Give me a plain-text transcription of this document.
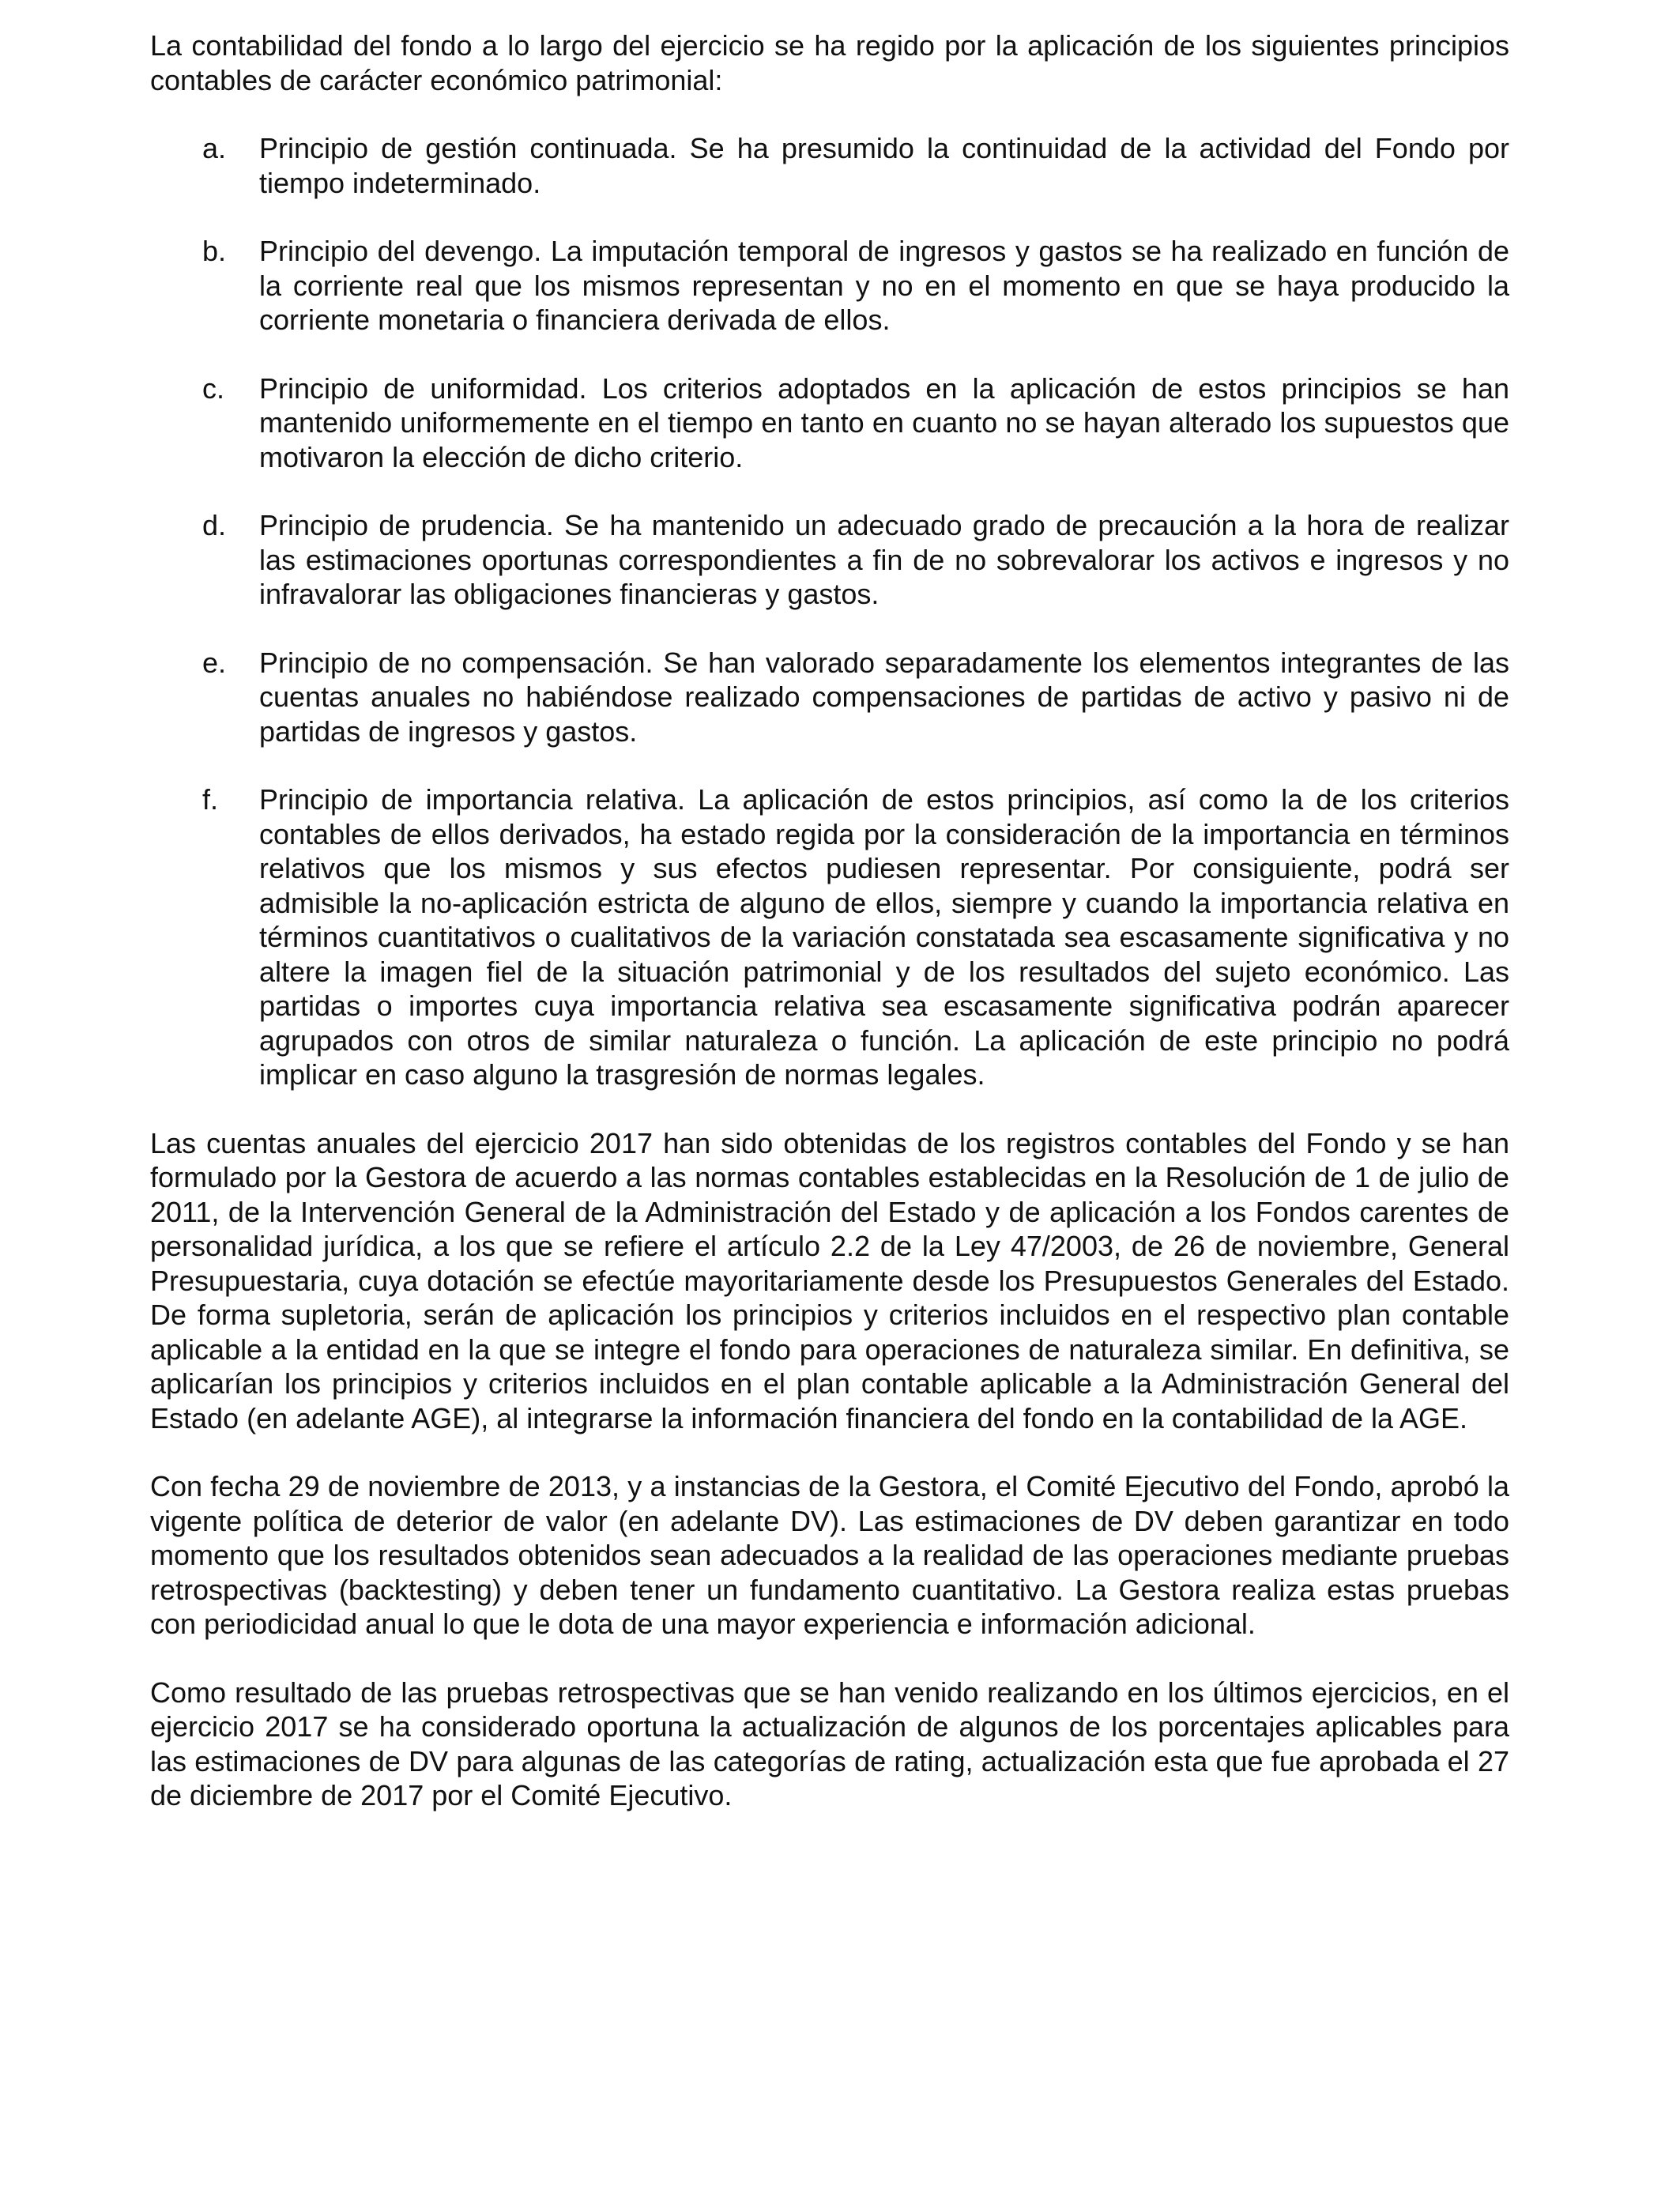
La contabilidad del fondo a lo largo del ejercicio se ha regido por la aplicación de los siguientes principios contables de carácter económico patrimonial:

a. Principio de gestión continuada. Se ha presumido la continuidad de la actividad del Fondo por tiempo indeterminado.
b. Principio del devengo. La imputación temporal de ingresos y gastos se ha realizado en función de la corriente real que los mismos representan y no en el momento en que se haya producido la corriente monetaria o financiera derivada de ellos.
c. Principio de uniformidad. Los criterios adoptados en la aplicación de estos principios se han mantenido uniformemente en el tiempo en tanto en cuanto no se hayan alterado los supuestos que motivaron la elección de dicho criterio.
d. Principio de prudencia. Se ha mantenido un adecuado grado de precaución a la hora de realizar las estimaciones oportunas correspondientes a fin de no sobrevalorar los activos e ingresos y no infravalorar las obligaciones financieras y gastos.
e. Principio de no compensación. Se han valorado separadamente los elementos integrantes de las cuentas anuales no habiéndose realizado compensaciones de partidas de activo y pasivo ni de partidas de ingresos y gastos.
f. Principio de importancia relativa. La aplicación de estos principios, así como la de los criterios contables de ellos derivados, ha estado regida por la consideración de la importancia en términos relativos que los mismos y sus efectos pudiesen representar. Por consiguiente, podrá ser admisible la no-aplicación estricta de alguno de ellos, siempre y cuando la importancia relativa en términos cuantitativos o cualitativos de la variación constatada sea escasamente significativa y no altere la imagen fiel de la situación patrimonial y de los resultados del sujeto económico. Las partidas o importes cuya importancia relativa sea escasamente significativa podrán aparecer agrupados con otros de similar naturaleza o función. La aplicación de este principio no podrá implicar en caso alguno la trasgresión de normas legales.

Las cuentas anuales del ejercicio 2017 han sido obtenidas de los registros contables del Fondo y se han formulado por la Gestora de acuerdo a las normas contables establecidas en la Resolución de 1 de julio de 2011, de la Intervención General de la Administración del Estado y de aplicación a los Fondos carentes de personalidad jurídica, a los que se refiere el artículo 2.2 de la Ley 47/2003, de 26 de noviembre, General Presupuestaria, cuya dotación se efectúe mayoritariamente desde los Presupuestos Generales del Estado. De forma supletoria, serán de aplicación los principios y criterios incluidos en el respectivo plan contable aplicable a la entidad en la que se integre el fondo para operaciones de naturaleza similar. En definitiva, se aplicarían los principios y criterios incluidos en el plan contable aplicable a la Administración General del Estado (en adelante AGE), al integrarse la información financiera del fondo en la contabilidad de la AGE.

Con fecha 29 de noviembre de 2013, y a instancias de la Gestora, el Comité Ejecutivo del Fondo, aprobó la vigente política de deterior de valor (en adelante DV). Las estimaciones de DV deben garantizar en todo momento que los resultados obtenidos sean adecuados a la realidad de las operaciones mediante pruebas retrospectivas (backtesting) y deben tener un fundamento cuantitativo. La Gestora realiza estas pruebas con periodicidad anual lo que le dota de una mayor experiencia e información adicional.

Como resultado de las pruebas retrospectivas que se han venido realizando en los últimos ejercicios, en el ejercicio 2017 se ha considerado oportuna la actualización de algunos de los porcentajes aplicables para las estimaciones de DV para algunas de las categorías de rating, actualización esta que fue aprobada el 27 de diciembre de 2017 por el Comité Ejecutivo.
